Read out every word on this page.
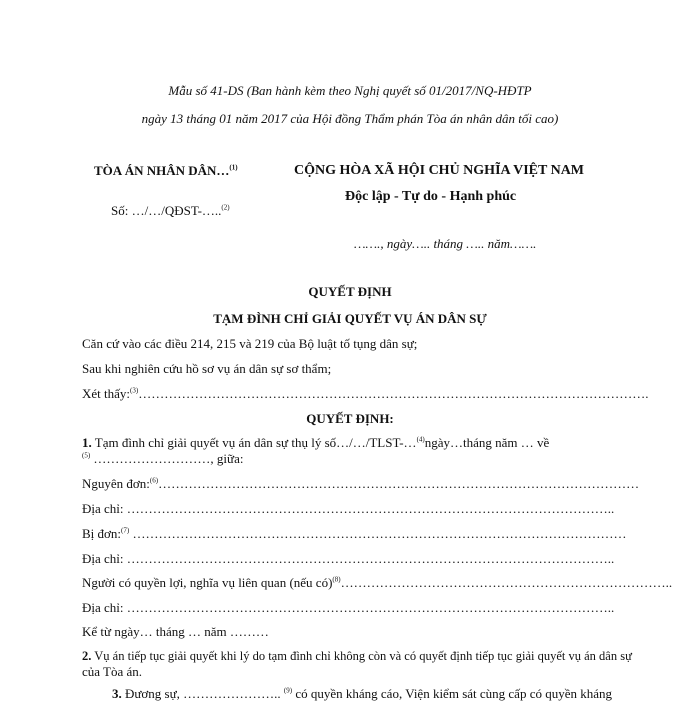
Mẫu số 41-DS (Ban hành kèm theo Nghị quyết số 01/2017/NQ-HĐTP
ngày 13 tháng 01 năm 2017 của Hội đồng Thẩm phán Tòa án nhân dân tối cao)
TÒA ÁN NHÂN DÂN…$^{(1)}$
Số: …/…/QĐST-…..$^{(2)}$
CỘNG HÒA XÃ HỘI CHỦ NGHĨA VIỆT NAM
Độc lập - Tự do - Hạnh phúc
……., ngày….. tháng ….. năm…….
QUYẾT ĐỊNH
TẠM ĐÌNH CHỈ GIẢI QUYẾT VỤ ÁN DÂN SỰ
Căn cứ vào các điều 214, 215 và 219 của Bộ luật tố tụng dân sự;
Sau khi nghiên cứu hồ sơ vụ án dân sự sơ thẩm;
Xét thấy:$^{(3)}$……………………………………………………………………………………………………….
QUYẾT ĐỊNH:
1. Tạm đình chỉ giải quyết vụ án dân sự thụ lý số…/…/TLST-…$^{(4)}$ngày…tháng năm … về
$^{(5)}$ ………………………, giữa:
Nguyên đơn:$^{(6)}$…………………………………………………………………………………………………
Địa chỉ: …………………………………………………………………………………………………..
Bị đơn:$^{(7)}$ ……………………………………………………………………………………………………
Địa chỉ: …………………………………………………………………………………………………..
Người có quyền lợi, nghĩa vụ liên quan (nếu có)$^{(8)}$…………………………………………………………………..
Địa chỉ: …………………………………………………………………………………………………..
Kể từ ngày… tháng … năm ………
2. Vụ án tiếp tục giải quyết khi lý do tạm đình chỉ không còn và có quyết định tiếp tục giải quyết vụ án dân sự
của Tòa án.
3. Đương sự, ………………….. $^{(9)}$ có quyền kháng cáo, Viện kiểm sát cùng cấp có quyền kháng
